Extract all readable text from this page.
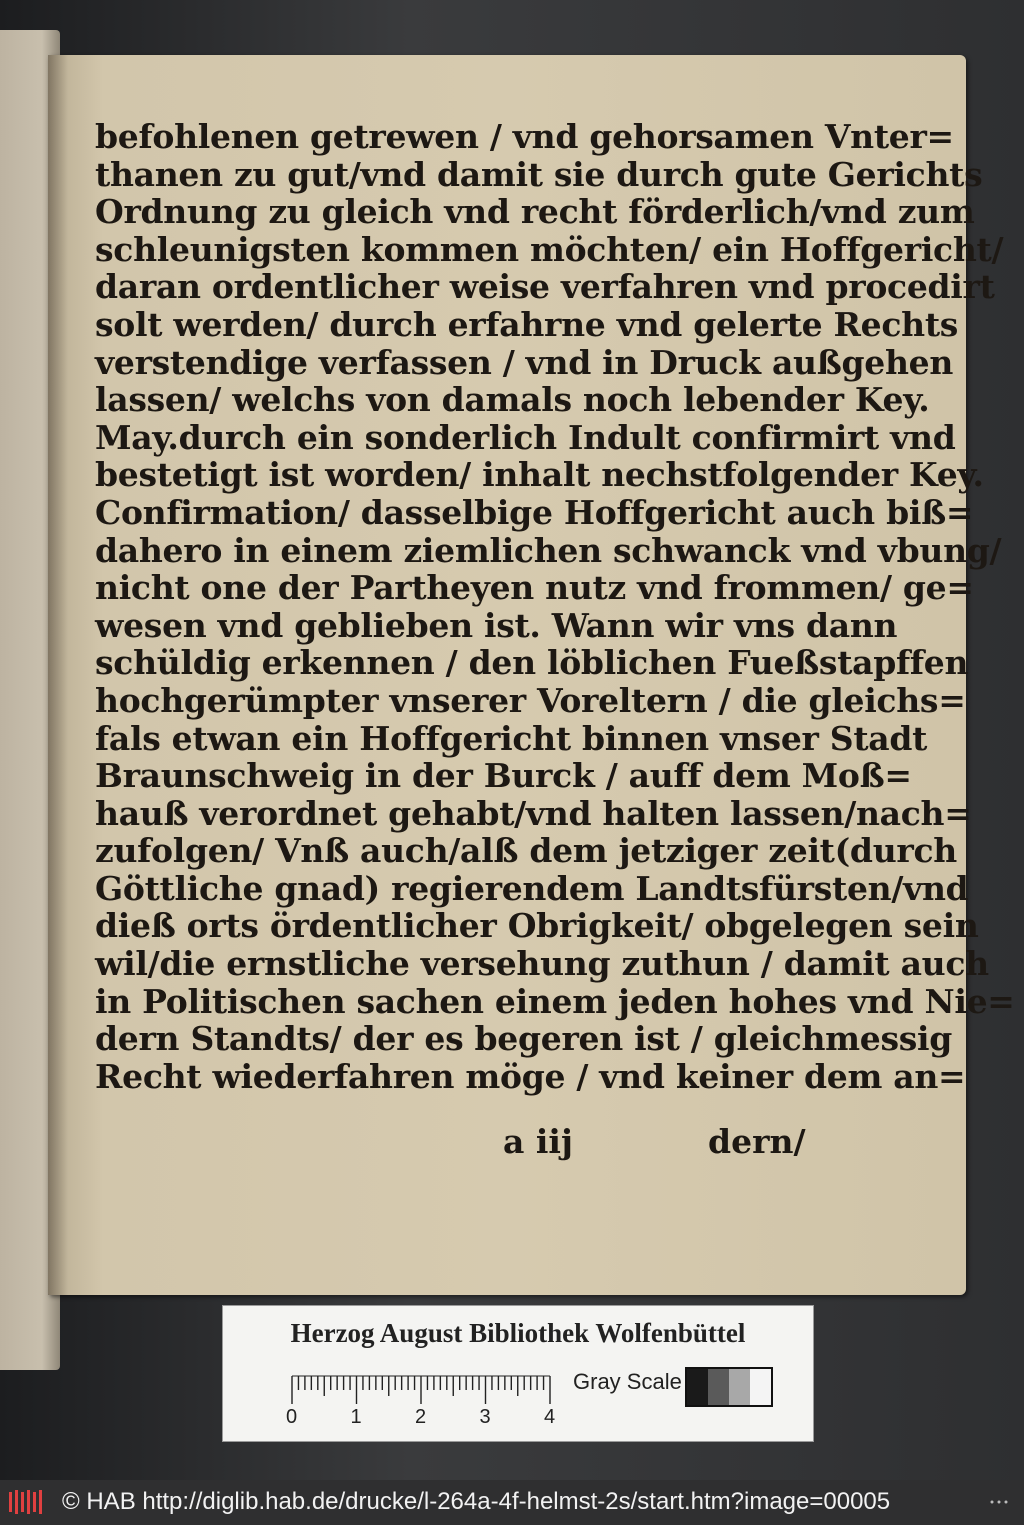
befohlenen getrewen / vnd gehorsamen Vnter=
thanen zu gut/vnd damit sie durch gute Gerichts
Ordnung zu gleich vnd recht förderlich/vnd zum
schleunigsten kommen möchten/ ein Hoffgericht/
daran ordentlicher weise verfahren vnd procedirt
solt werden/ durch erfahrne vnd gelerte Rechts
verstendige verfassen / vnd in Druck außgehen
lassen/ welchs von damals noch lebender Key.
May.durch ein sonderlich Indult confirmirt vnd
bestetigt ist worden/ inhalt nechstfolgender Key.
Confirmation/ dasselbige Hoffgericht auch biß=
dahero in einem ziemlichen schwanck vnd vbung/
nicht one der Partheyen nutz vnd frommen/ ge=
wesen vnd geblieben ist. Wann wir vns dann
schüldig erkennen / den löblichen Fueßstapffen
hochgerümpter vnserer Voreltern / die gleichs=
fals etwan ein Hoffgericht binnen vnser Stadt
Braunschweig in der Burck / auff dem Moß=
hauß verordnet gehabt/vnd halten lassen/nach=
zufolgen/ Vnß auch/alß dem jetziger zeit(durch
Göttliche gnad) regierendem Landtsfürsten/vnd
dieß orts ördentlicher Obrigkeit/ obgelegen sein
wil/die ernstliche versehung zuthun / damit auch
in Politischen sachen einem jeden hohes vnd Nie=
dern Standts/ der es begeren ist / gleichmessig
Recht wiederfahren möge / vnd keiner dem an=
a iij	dern/
Herzog August Bibliothek Wolfenbüttel
0	1	2	3	4
Gray Scale
© HAB http://diglib.hab.de/drucke/l-264a-4f-helmst-2s/start.htm?image=00005
